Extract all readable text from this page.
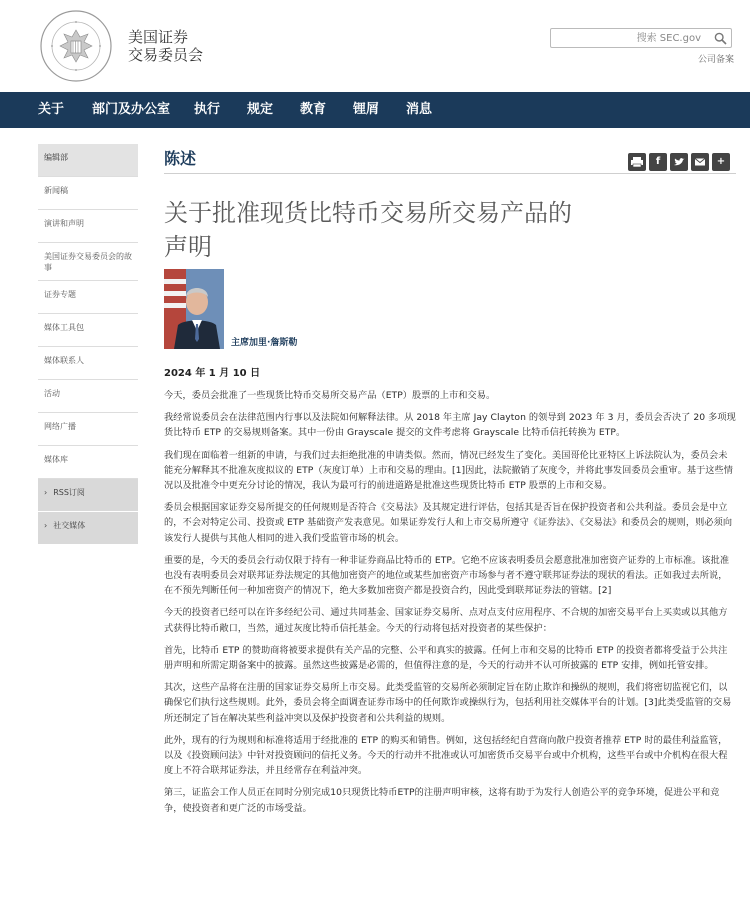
美国证券
交易委员会
搜索 SEC.gov	公司备案
关于 部门及办公室 执行 规定 教育 锂屑 消息
编辑部
新闻稿
演讲和声明
美国证券交易委员会的故事
证券专题
媒体工具包
媒体联系人
活动
网络广播
媒体库
› RSS订阅
› 社交媒体
陈述	f	+
关于批准现货比特币交易所交易产品的声明
主席加里·詹斯勒
2024 年 1 月 10 日

今天，委员会批准了一些现货比特币交易所交易产品（ETP）股票的上市和交易。

我经常说委员会在法律范围内行事以及法院如何解释法律。从 2018 年主席 Jay Clayton 的领导到 2023 年 3 月，委员会否决了 20 多项现货比特币 ETP 的交易规则备案。其中一份由 Grayscale 提交的文件考虑将 Grayscale 比特币信托转换为 ETP。

我们现在面临着一组新的申请，与我们过去拒绝批准的申请类似。然而，情况已经发生了变化。美国哥伦比亚特区上诉法院认为，委员会未能充分解释其不批准灰度拟议的 ETP（灰度订单）上市和交易的理由。[1]因此，法院撤销了灰度令，并将此事发回委员会重审。基于这些情况以及批准令中更充分讨论的情况，我认为最可行的前进道路是批准这些现货比特币 ETP 股票的上市和交易。

委员会根据国家证券交易所提交的任何规则是否符合《交易法》及其规定进行评估，包括其是否旨在保护投资者和公共利益。委员会是中立的，不会对特定公司、投资或 ETP 基础资产发表意见。如果证券发行人和上市交易所遵守《证券法》、《交易法》和委员会的规则，则必须向该发行人提供与其他人相同的进入我们受监管市场的机会。

重要的是，今天的委员会行动仅限于持有一种非证券商品比特币的 ETP。它绝不应该表明委员会愿意批准加密资产证券的上市标准。该批准也没有表明委员会对联邦证券法规定的其他加密资产的地位或某些加密资产市场参与者不遵守联邦证券法的现状的看法。正如我过去所说，在不预先判断任何一种加密资产的情况下，绝大多数加密资产都是投资合约，因此受到联邦证券法的管辖。[2]

今天的投资者已经可以在许多经纪公司、通过共同基金、国家证券交易所、点对点支付应用程序、不合规的加密交易平台上买卖或以其他方式获得比特币敞口，当然，通过灰度比特币信托基金。今天的行动将包括对投资者的某些保护：

首先，比特币 ETP 的赞助商将被要求提供有关产品的完整、公平和真实的披露。任何上市和交易的比特币 ETP 的投资者都将受益于公共注册声明和所需定期备案中的披露。虽然这些披露是必需的，但值得注意的是，今天的行动并不认可所披露的 ETP 安排，例如托管安排。

其次，这些产品将在注册的国家证券交易所上市交易。此类受监管的交易所必须制定旨在防止欺诈和操纵的规则，我们将密切监视它们，以确保它们执行这些规则。此外，委员会将全面调查证券市场中的任何欺诈或操纵行为，包括利用社交媒体平台的计划。[3]此类受监管的交易所还制定了旨在解决某些利益冲突以及保护投资者和公共利益的规则。

此外，现有的行为规则和标准将适用于经批准的 ETP 的购买和销售。例如，这包括经纪自营商向散户投资者推荐 ETP 时的最佳利益监管，以及《投资顾问法》中针对投资顾问的信托义务。今天的行动并不批准或认可加密货币交易平台或中介机构，这些平台或中介机构在很大程度上不符合联邦证券法，并且经常存在利益冲突。

第三，证监会工作人员正在同时分别完成10只现货比特币ETP的注册声明审核，这将有助于为发行人创造公平的竞争环境，促进公平和竞争，使投资者和更广泛的市场受益。
